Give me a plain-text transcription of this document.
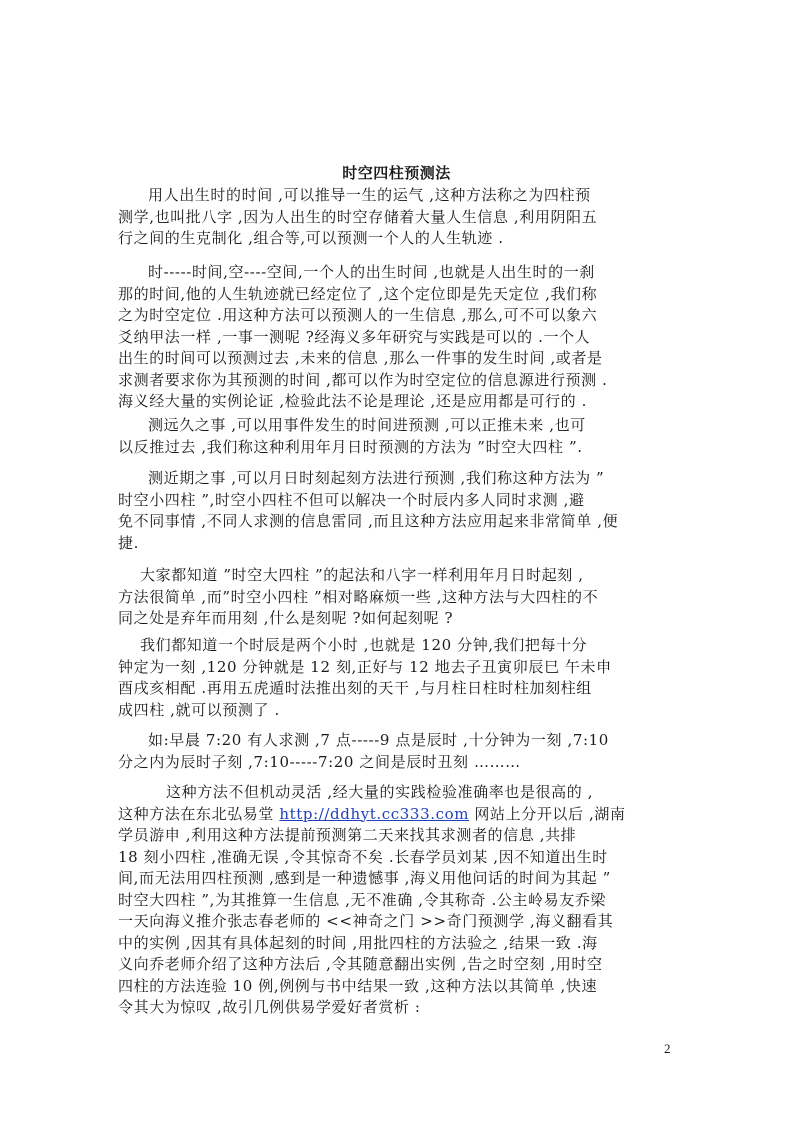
时空四柱预测法

用人出生时的时间 ,可以推导一生的运气 ,这种方法称之为四柱预
测学,也叫批八字 ,因为人出生的时空存储着大量人生信息 ,利用阴阳五
行之间的生克制化 ,组合等,可以预测一个人的人生轨迹 .

时-----时间,空----空间,一个人的出生时间 ,也就是人出生时的一刹
那的时间,他的人生轨迹就已经定位了 ,这个定位即是先天定位 ,我们称
之为时空定位 .用这种方法可以预测人的一生信息 ,那么,可不可以象六
爻纳甲法一样 ,一事一测呢 ?经海义多年研究与实践是可以的 .一个人
出生的时间可以预测过去 ,未来的信息 ,那么一件事的发生时间 ,或者是
求测者要求你为其预测的时间 ,都可以作为时空定位的信息源进行预测 .
海义经大量的实例论证 ,检验此法不论是理论 ,还是应用都是可行的 .

测远久之事 ,可以用事件发生的时间进预测 ,可以正推未来 ,也可
以反推过去 ,我们称这种利用年月日时预测的方法为 ”时空大四柱 ”.

测近期之事 ,可以月日时刻起刻方法进行预测 ,我们称这种方法为 ”
时空小四柱 ”,时空小四柱不但可以解决一个时辰内多人同时求测 ,避
免不同事情 ,不同人求测的信息雷同 ,而且这种方法应用起来非常简单 ,便
捷.

大家都知道 ”时空大四柱 ”的起法和八字一样利用年月日时起刻 ,
方法很简单 ,而”时空小四柱 ”相对略麻烦一些 ,这种方法与大四柱的不
同之处是弃年而用刻 ,什么是刻呢 ?如何起刻呢 ?

我们都知道一个时辰是两个小时 ,也就是 120 分钟,我们把每十分
钟定为一刻 ,120 分钟就是 12 刻,正好与 12 地去子丑寅卯辰巳 午未申
酉戌亥相配 .再用五虎遁时法推出刻的天干 ,与月柱日柱时柱加刻柱组
成四柱 ,就可以预测了 .

如:早晨 7:20 有人求测 ,7 点-----9 点是辰时 ,十分钟为一刻 ,7:10
分之内为辰时子刻 ,7:10-----7:20 之间是辰时丑刻 ………

这种方法不但机动灵活 ,经大量的实践检验准确率也是很高的 ,
这种方法在东北弘易堂 http://ddhyt.cc333.com 网站上分开以后 ,湖南
学员游申 ,利用这种方法提前预测第二天来找其求测者的信息 ,共排
18 刻小四柱 ,准确无误 ,令其惊奇不矣 .长春学员刘某 ,因不知道出生时
间,而无法用四柱预测 ,感到是一种遗憾事 ,海义用他问话的时间为其起 ”
时空大四柱 ”,为其推算一生信息 ,无不准确 ,令其称奇 .公主岭易友乔梁
一天向海义推介张志春老师的 <<神奇之门 >>奇门预测学 ,海义翻看其
中的实例 ,因其有具体起刻的时间 ,用批四柱的方法验之 ,结果一致 .海
义向乔老师介绍了这种方法后 ,令其随意翻出实例 ,告之时空刻 ,用时空
四柱的方法连验 10 例,例例与书中结果一致 ,这种方法以其简单 ,快速
令其大为惊叹 ,故引几例供易学爱好者赏析 :

2
